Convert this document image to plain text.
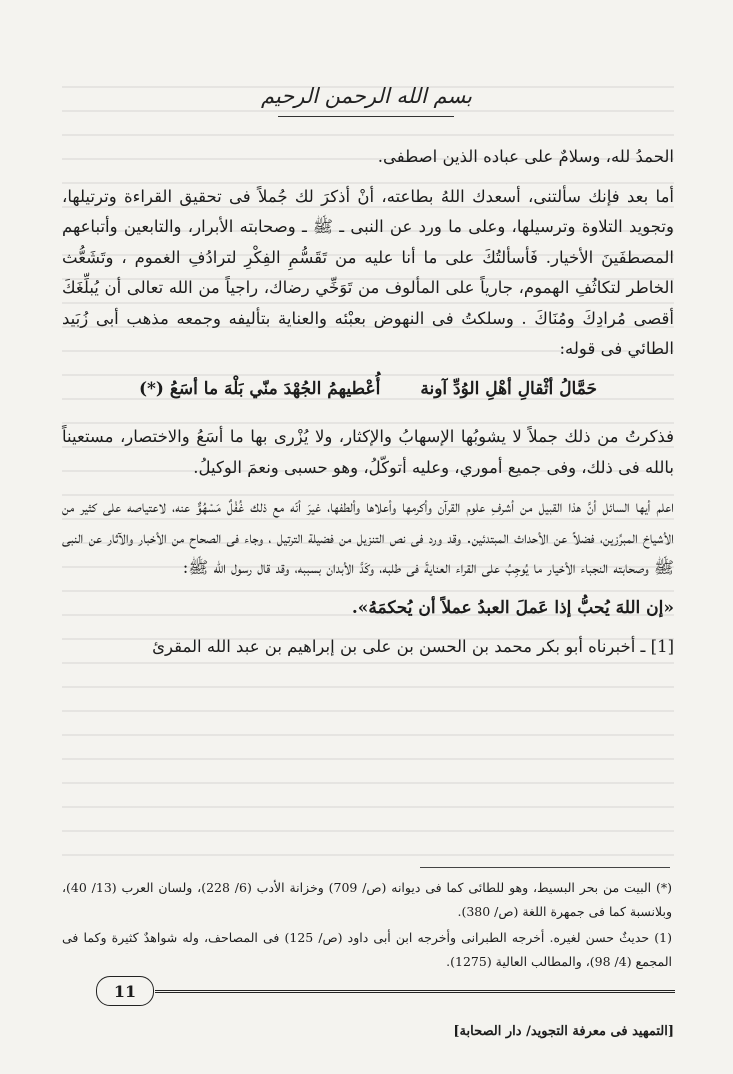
بسم الله الرحمن الرحيم

الحمدُ لله، وسلامٌ على عباده الذين اصطفى.

أما بعد فإنك سألتنى، أسعدك اللهُ بطاعته، أنْ أذكرَ لك جُملاً فى تحقيق القراءة وترتيلها، وتجويد التلاوة وترسيلها، وعلى ما ورد عن النبى ـ ﷺ ـ وصحابته الأبرار، والتابعين وأتباعهم المصطفَينَ الأخيار. فَأسألتُكَ على ما أنا عليه من تَقَسُّمِ الفِكْرِ لترادُفِ الغموم ، وتَشَعُّث الخاطر لتكاثُفِ الهموم، جارياً على المألوف من تَوَخِّي رضاك، راجياً من الله تعالى أن يُبلِّغَكَ أقصى مُرادِكَ ومُنَاكَ . وسلكتُ فى النهوض بعبْئه والعناية بتأليفه وجمعه مذهب أبى زُبَيد الطائي فى قوله:

حَمَّالُ أثْقالِ أهْلِ الوُدِّ آونة
أُعْطيهمُ الجُهْدَ منّي بَلْهَ ما أسَعُ (*)

فذكرتُ من ذلك جملاً لا يشوبُها الإسهابُ والإكثار، ولا يُزْرى بها ما أسَعُ والاختصار، مستعيناً بالله فى ذلك، وفى جميع أموري، وعليه أتوكّلُ، وهو حسبى ونعمَ الوكيلُ.

اعلم أيها السائل أنَّ هذا القبيل من أشرفِ علوم القرآن وأكرمها وأعلاها وألطفها، غيرَ أنّه مع ذلك غُفْلٌ مَسْهُوٌّ عنه، لاعتياصه على كثير من الأشياخ المبرِّزين، فضلاً عن الأحداث المبتدئين. وقد ورد فى نص التنزيل من فضيلة الترتيل ، وجاء فى الصحاح من الأخبار والآثار عن النبى ﷺ وصحابته النجباء الأخيار ما يُوجِبُ على القراء العنايةَ فى طلبه، وكَدَّ الأبدان بسببه، وقد قال رسول الله ﷺ:

«إن اللهَ يُحبُّ إذا عَملَ العبدُ عملاً أن يُحكمَهُ».

[1] ـ أخبرناه أبو بكر محمد بن الحسن بن على بن إبراهيم بن عبد الله المقرئ

(*) البيت من بحر البسيط، وهو للطائى كما فى ديوانه (ص/ 709) وخزانة الأدب (6/ 228)، ولسان العرب (13/ 40)، وبلانسبة كما فى جمهرة اللغة (ص/ 380).

(1) حديثٌ حسن لغيره. أخرجه الطبرانى وأخرجه ابن أبى داود (ص/ 125) فى المصاحف، وله شواهدٌ كثيرة وكما فى المجمع (4/ 98)، والمطالب العالية (1275).

11
[التمهيد فى معرفة التجويد/ دار الصحابة]
